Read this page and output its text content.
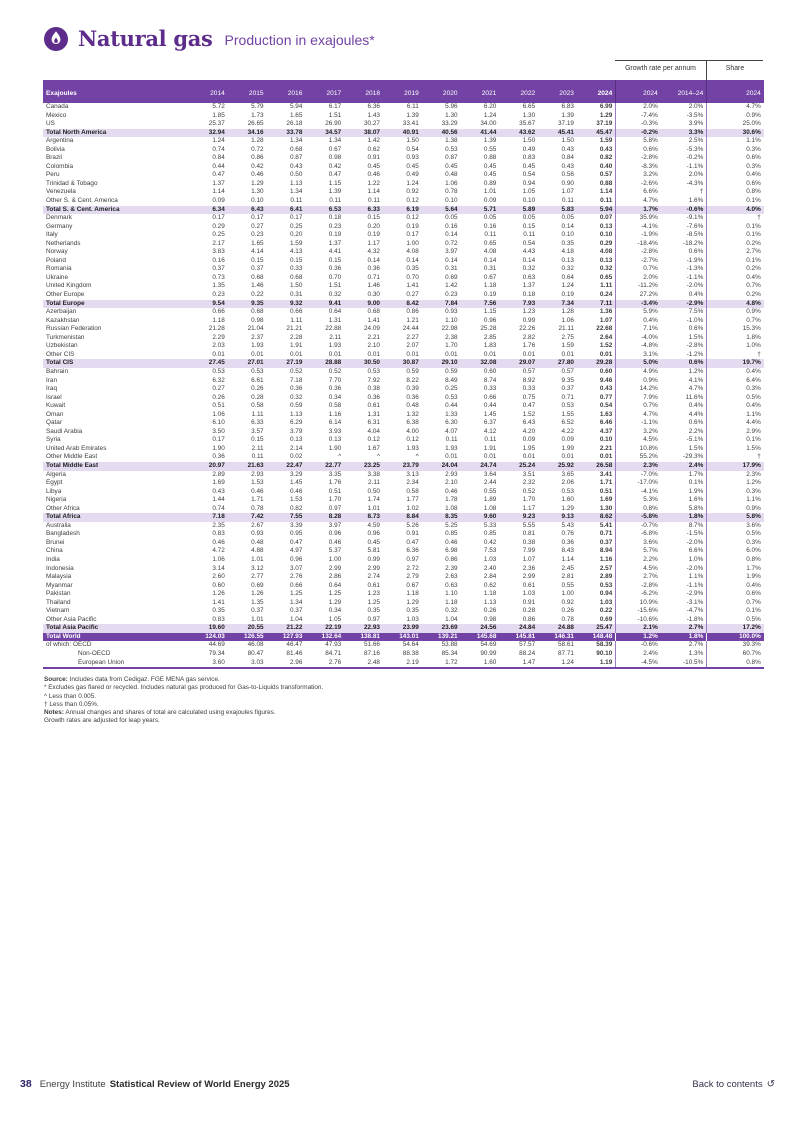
Natural gas Production in exajoules*
Growth rate per annum	Share
Exajoules	2014	2015	2016	2017	2018	2019	2020	2021	2022	2023	2024	2024	2014–24	2024
Canada	5.72	5.79	5.94	6.17	6.36	6.11	5.96	6.20	6.65	6.83	6.99	2.0%	2.0%	4.7%
Mexico	1.85	1.73	1.65	1.51	1.43	1.39	1.30	1.24	1.30	1.39	1.29	-7.4%	-3.5%	0.9%
US	25.37	26.65	26.18	26.90	30.27	33.41	33.29	34.00	35.67	37.19	37.19	-0.3%	3.9%	25.0%
Total North America	32.94	34.16	33.78	34.57	38.07	40.91	40.56	41.44	43.62	45.41	45.47	-0.2%	3.3%	30.6%
Argentina	1.24	1.28	1.34	1.34	1.42	1.50	1.38	1.39	1.50	1.50	1.59	5.8%	2.5%	1.1%
Bolivia	0.74	0.72	0.68	0.67	0.62	0.54	0.53	0.55	0.49	0.43	0.43	0.6%	-5.3%	0.3%
Brazil	0.84	0.86	0.87	0.98	0.91	0.93	0.87	0.88	0.83	0.84	0.82	-2.8%	-0.2%	0.6%
Colombia	0.44	0.42	0.43	0.42	0.45	0.45	0.45	0.45	0.45	0.43	0.40	-8.3%	-1.1%	0.3%
Peru	0.47	0.46	0.50	0.47	0.46	0.49	0.48	0.45	0.54	0.56	0.57	3.2%	2.0%	0.4%
Trinidad & Tobago	1.37	1.29	1.13	1.15	1.22	1.24	1.06	0.89	0.94	0.90	0.88	-2.6%	-4.3%	0.6%
Venezuela	1.14	1.30	1.34	1.39	1.14	0.92	0.78	1.01	1.05	1.07	1.14	6.6%	†	0.8%
Other S. & Cent. America	0.09	0.10	0.11	0.11	0.11	0.12	0.10	0.09	0.10	0.11	0.11	4.7%	1.6%	0.1%
Total S. & Cent. America	6.34	6.43	6.41	6.53	6.33	6.19	5.64	5.71	5.89	5.83	5.94	1.7%	-0.6%	4.0%
Denmark	0.17	0.17	0.17	0.18	0.15	0.12	0.05	0.05	0.05	0.05	0.07	35.9%	-9.1%	†
Germany	0.29	0.27	0.25	0.23	0.20	0.19	0.16	0.16	0.15	0.14	0.13	-4.1%	-7.6%	0.1%
Italy	0.25	0.23	0.20	0.19	0.19	0.17	0.14	0.11	0.11	0.10	0.10	-1.9%	-8.5%	0.1%
Netherlands	2.17	1.65	1.59	1.37	1.17	1.00	0.72	0.65	0.54	0.35	0.29	-18.4%	-18.2%	0.2%
Norway	3.83	4.14	4.13	4.41	4.32	4.08	3.97	4.08	4.43	4.18	4.08	-2.8%	0.6%	2.7%
Poland	0.16	0.15	0.15	0.15	0.14	0.14	0.14	0.14	0.14	0.13	0.13	-2.7%	-1.9%	0.1%
Romania	0.37	0.37	0.33	0.36	0.36	0.35	0.31	0.31	0.32	0.32	0.32	0.7%	-1.3%	0.2%
Ukraine	0.73	0.68	0.68	0.70	0.71	0.70	0.69	0.67	0.63	0.64	0.65	2.0%	-1.1%	0.4%
United Kingdom	1.35	1.46	1.50	1.51	1.46	1.41	1.42	1.18	1.37	1.24	1.11	-11.2%	-2.0%	0.7%
Other Europe	0.23	0.22	0.31	0.32	0.30	0.27	0.23	0.19	0.18	0.19	0.24	27.2%	0.4%	0.2%
Total Europe	9.54	9.35	9.32	9.41	9.00	8.42	7.84	7.56	7.93	7.34	7.11	-3.4%	-2.9%	4.8%
Azerbaijan	0.66	0.68	0.66	0.64	0.68	0.86	0.93	1.15	1.23	1.28	1.36	5.9%	7.5%	0.9%
Kazakhstan	1.18	0.98	1.11	1.31	1.41	1.21	1.10	0.96	0.99	1.06	1.07	0.4%	-1.0%	0.7%
Russian Federation	21.28	21.04	21.21	22.88	24.09	24.44	22.98	25.28	22.26	21.11	22.68	7.1%	0.6%	15.3%
Turkmenistan	2.29	2.37	2.28	2.11	2.21	2.27	2.38	2.85	2.82	2.75	2.64	-4.0%	1.5%	1.8%
Uzbekistan	2.03	1.93	1.91	1.93	2.10	2.07	1.70	1.83	1.76	1.59	1.52	-4.8%	-2.8%	1.0%
Other CIS	0.01	0.01	0.01	0.01	0.01	0.01	0.01	0.01	0.01	0.01	0.01	3.1%	-1.2%	†
Total CIS	27.45	27.01	27.19	28.88	30.50	30.87	29.10	32.08	29.07	27.80	29.28	5.0%	0.6%	19.7%
Bahrain	0.53	0.53	0.52	0.52	0.53	0.59	0.59	0.60	0.57	0.57	0.60	4.9%	1.2%	0.4%
Iran	6.32	6.61	7.18	7.70	7.92	8.22	8.49	8.74	8.92	9.35	9.46	0.9%	4.1%	6.4%
Iraq	0.27	0.26	0.36	0.36	0.38	0.39	0.25	0.33	0.33	0.37	0.43	14.2%	4.7%	0.3%
Israel	0.26	0.28	0.32	0.34	0.36	0.36	0.53	0.66	0.75	0.71	0.77	7.9%	11.6%	0.5%
Kuwait	0.51	0.58	0.59	0.58	0.61	0.48	0.44	0.44	0.47	0.53	0.54	0.7%	0.4%	0.4%
Oman	1.06	1.11	1.13	1.16	1.31	1.32	1.33	1.45	1.52	1.55	1.63	4.7%	4.4%	1.1%
Qatar	6.10	6.33	6.29	6.14	6.31	6.38	6.30	6.37	6.43	6.52	6.46	-1.1%	0.6%	4.4%
Saudi Arabia	3.50	3.57	3.79	3.93	4.04	4.00	4.07	4.12	4.20	4.22	4.37	3.2%	2.2%	2.9%
Syria	0.17	0.15	0.13	0.13	0.12	0.12	0.11	0.11	0.09	0.09	0.10	4.5%	-5.1%	0.1%
United Arab Emirates	1.90	2.11	2.14	1.90	1.67	1.93	1.93	1.91	1.95	1.99	2.21	10.8%	1.5%	1.5%
Other Middle East	0.36	0.11	0.02	^	^	^	0.01	0.01	0.01	0.01	0.01	55.2%	-29.3%	†
Total Middle East	20.97	21.63	22.47	22.77	23.25	23.79	24.04	24.74	25.24	25.92	26.58	2.3%	2.4%	17.9%
Algeria	2.89	2.93	3.29	3.35	3.38	3.13	2.93	3.64	3.51	3.65	3.41	-7.0%	1.7%	2.3%
Egypt	1.69	1.53	1.45	1.76	2.11	2.34	2.10	2.44	2.32	2.06	1.71	-17.0%	0.1%	1.2%
Libya	0.43	0.46	0.46	0.51	0.50	0.58	0.46	0.55	0.52	0.53	0.51	-4.1%	1.9%	0.3%
Nigeria	1.44	1.71	1.53	1.70	1.74	1.77	1.78	1.89	1.70	1.60	1.69	5.3%	1.6%	1.1%
Other Africa	0.74	0.78	0.82	0.97	1.01	1.02	1.08	1.08	1.17	1.29	1.30	0.8%	5.8%	0.9%
Total Africa	7.18	7.42	7.55	8.28	8.73	8.84	8.35	9.60	9.23	9.13	8.62	-5.8%	1.8%	5.8%
Australia	2.35	2.67	3.39	3.97	4.59	5.26	5.25	5.33	5.55	5.43	5.41	-0.7%	8.7%	3.6%
Bangladesh	0.83	0.93	0.95	0.96	0.96	0.91	0.85	0.85	0.81	0.76	0.71	-6.8%	-1.5%	0.5%
Brunei	0.46	0.48	0.47	0.46	0.45	0.47	0.46	0.42	0.38	0.36	0.37	3.6%	-2.0%	0.3%
China	4.72	4.88	4.97	5.37	5.81	6.36	6.98	7.53	7.99	8.43	8.94	5.7%	6.6%	6.0%
India	1.06	1.01	0.96	1.00	0.99	0.97	0.86	1.03	1.07	1.14	1.16	2.2%	1.0%	0.8%
Indonesia	3.14	3.12	3.07	2.99	2.99	2.72	2.39	2.40	2.36	2.45	2.57	4.5%	-2.0%	1.7%
Malaysia	2.60	2.77	2.76	2.86	2.74	2.79	2.63	2.84	2.99	2.81	2.89	2.7%	1.1%	1.9%
Myanmar	0.60	0.69	0.66	0.64	0.61	0.67	0.63	0.62	0.61	0.55	0.53	-2.8%	-1.1%	0.4%
Pakistan	1.26	1.26	1.25	1.25	1.23	1.18	1.10	1.18	1.03	1.00	0.94	-6.2%	-2.9%	0.6%
Thailand	1.41	1.35	1.34	1.29	1.25	1.29	1.18	1.13	0.91	0.92	1.03	10.9%	-3.1%	0.7%
Vietnam	0.35	0.37	0.37	0.34	0.35	0.35	0.32	0.26	0.28	0.26	0.22	-15.6%	-4.7%	0.1%
Other Asia Pacific	0.83	1.01	1.04	1.05	0.97	1.03	1.04	0.98	0.86	0.78	0.69	-10.6%	-1.8%	0.5%
Total Asia Pacific	19.60	20.55	21.22	22.19	22.93	23.99	23.69	24.56	24.84	24.88	25.47	2.1%	2.7%	17.2%
Total World	124.03	126.55	127.93	132.64	138.81	143.01	139.21	145.68	145.81	146.31	148.48	1.2%	1.8%	100.0%
of which: OECD	44.69	46.08	46.47	47.93	51.66	54.64	53.88	54.69	57.57	58.61	58.39	-0.6%	2.7%	39.3%
Non-OECD	79.34	80.47	81.46	84.71	87.16	88.38	85.34	90.99	88.24	87.71	90.10	2.4%	1.3%	60.7%
European Union	3.60	3.03	2.96	2.76	2.48	2.19	1.72	1.60	1.47	1.24	1.19	-4.5%	-10.5%	0.8%
Source: Includes data from Cedigaz. FGE MENA gas service.
* Excludes gas flared or recycled. Includes natural gas produced for Gas-to-Liquids transformation.
^ Less than 0.005.
† Less than 0.05%.
Notes: Annual changes and shares of total are calculated using exajoules figures.
Growth rates are adjusted for leap years.
38 Energy Institute Statistical Review of World Energy 2025	Back to contents ↺
